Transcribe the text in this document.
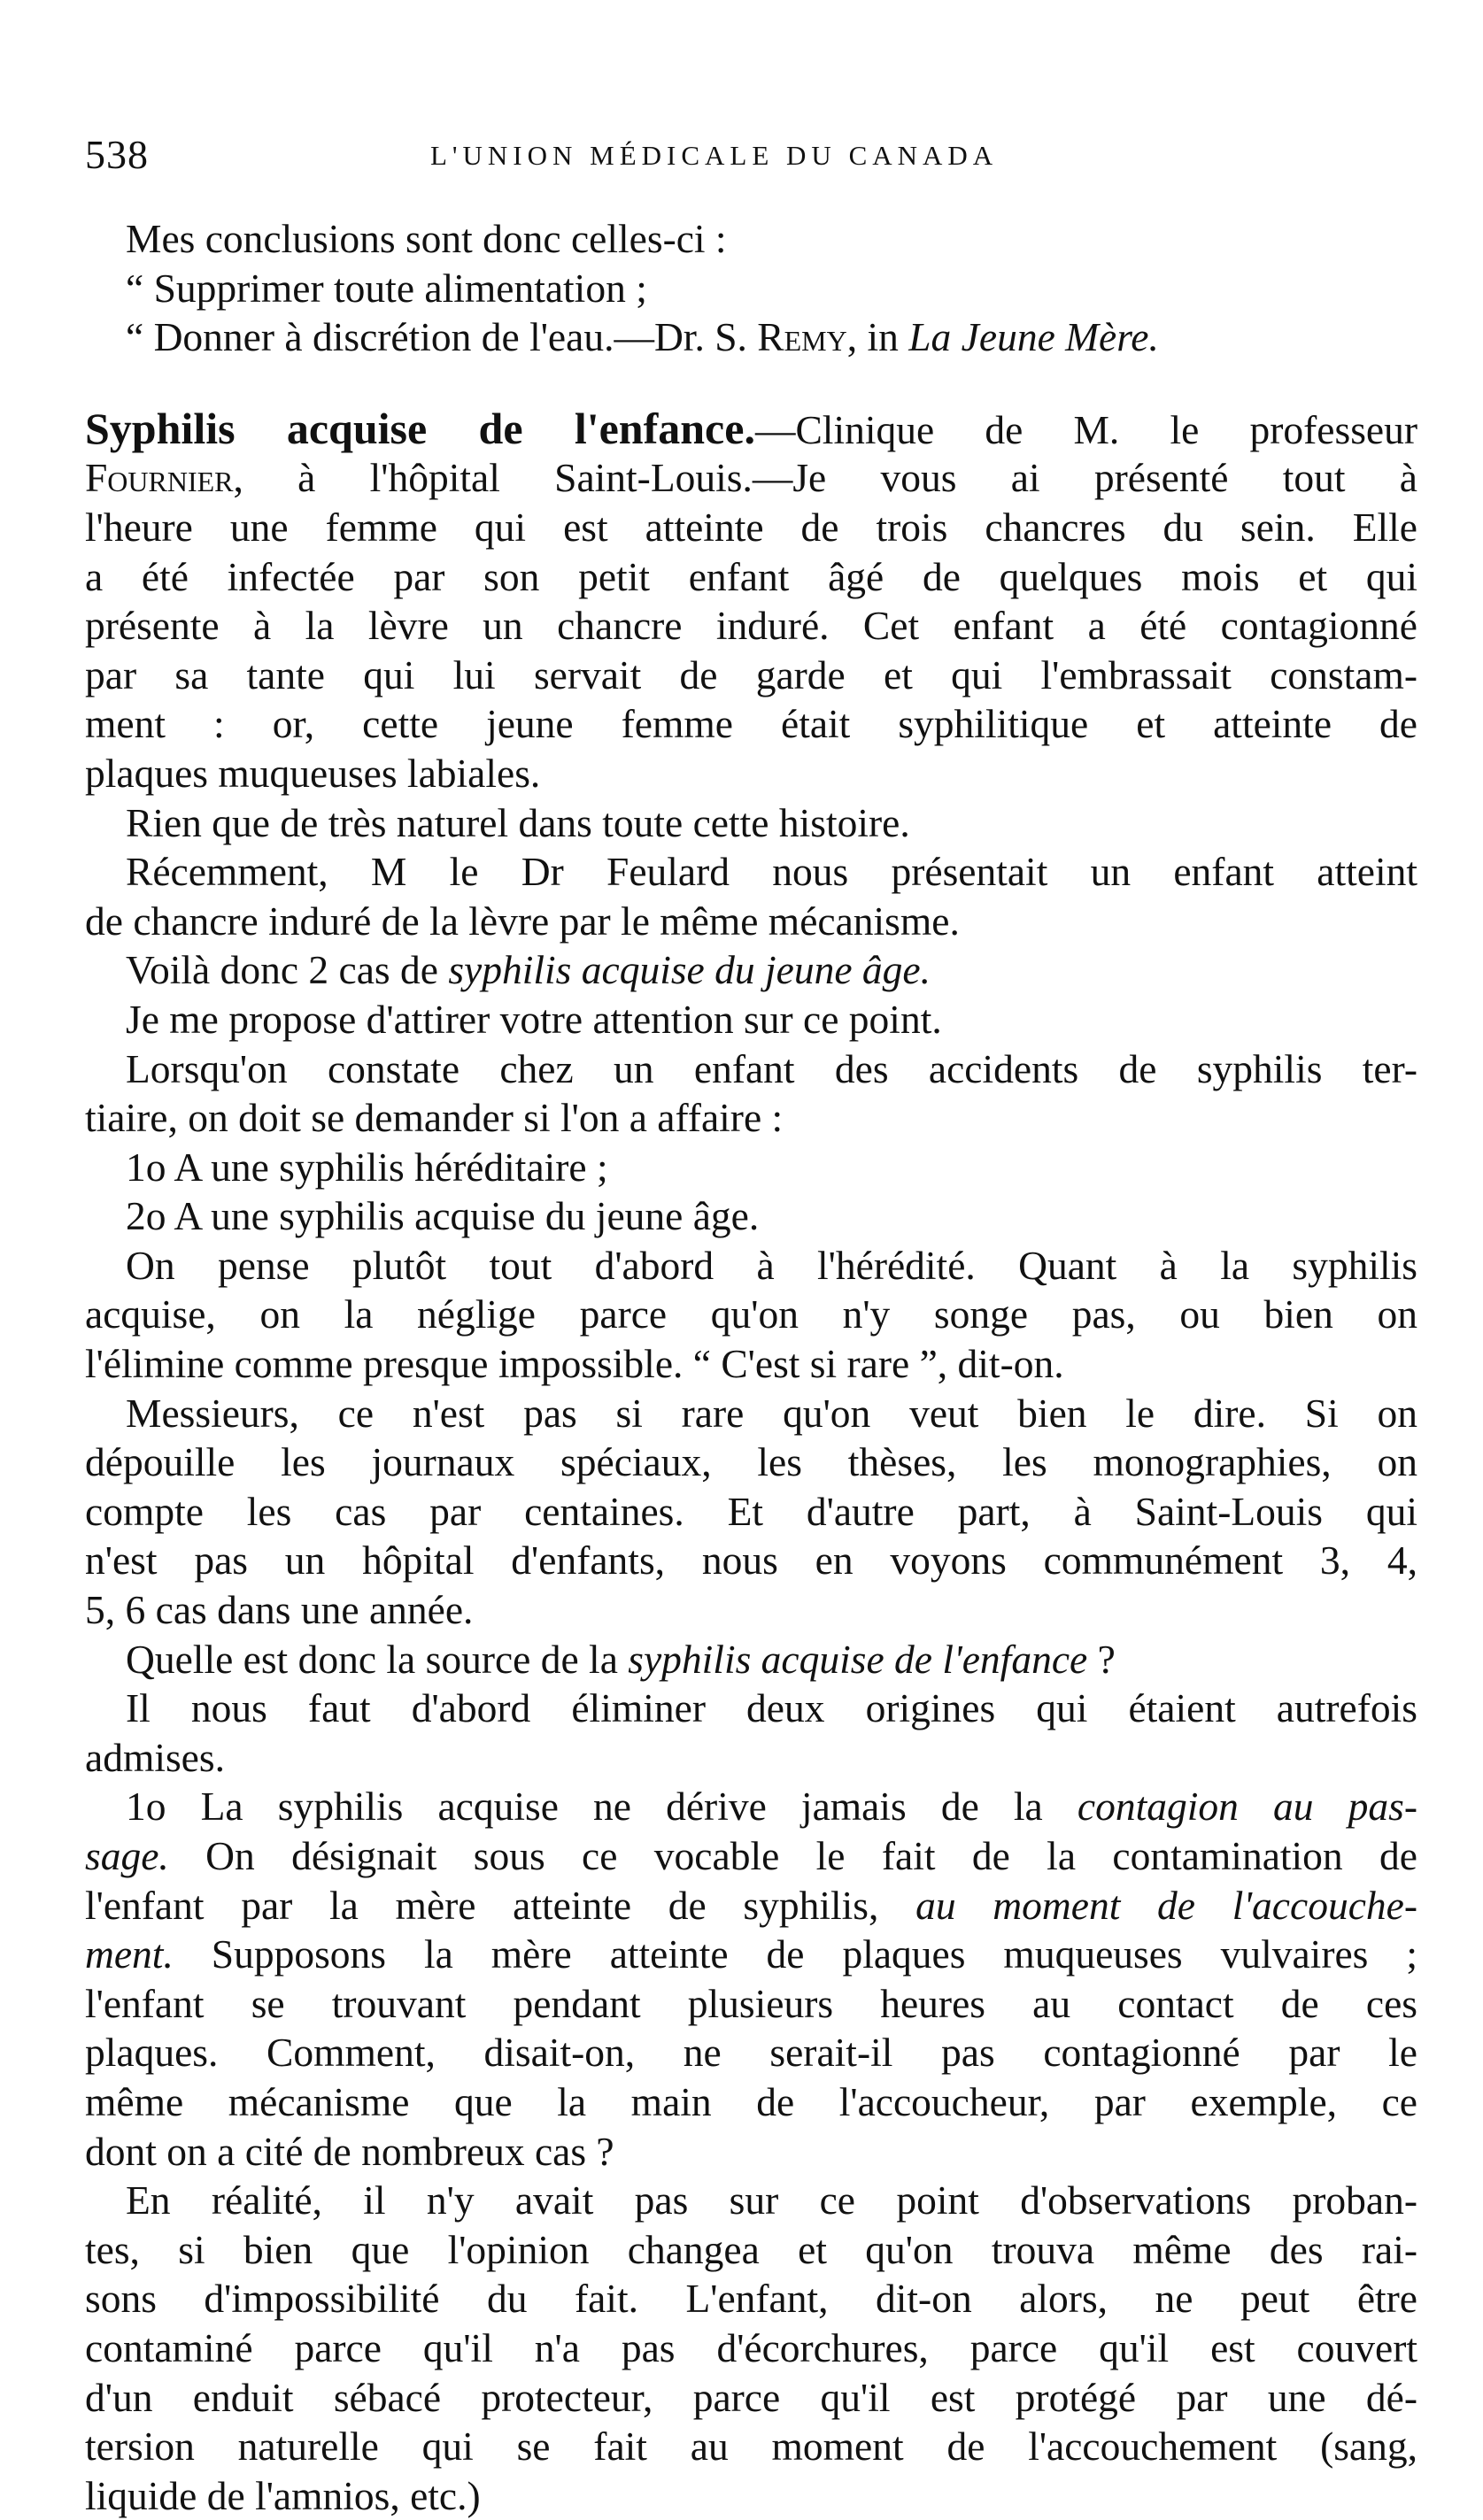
538	L'UNION MÉDICALE DU CANADA
Mes conclusions sont donc celles-ci :
“ Supprimer toute alimentation ;
“ Donner à discrétion de l'eau.—Dr. S. Remy, in La Jeune Mère.
Syphilis acquise de l'enfance.—Clinique de M. le professeur
Fournier, à l'hôpital Saint-Louis.—Je vous ai présenté tout à
l'heure une femme qui est atteinte de trois chancres du sein. Elle
a été infectée par son petit enfant âgé de quelques mois et qui
présente à la lèvre un chancre induré. Cet enfant a été contagionné
par sa tante qui lui servait de garde et qui l'embrassait constam-
ment : or, cette jeune femme était syphilitique et atteinte de
plaques muqueuses labiales.
Rien que de très naturel dans toute cette histoire.
Récemment, M le Dr Feulard nous présentait un enfant atteint
de chancre induré de la lèvre par le même mécanisme.
Voilà donc 2 cas de syphilis acquise du jeune âge.
Je me propose d'attirer votre attention sur ce point.
Lorsqu'on constate chez un enfant des accidents de syphilis ter-
tiaire, on doit se demander si l'on a affaire :
1o A une syphilis héréditaire ;
2o A une syphilis acquise du jeune âge.
On pense plutôt tout d'abord à l'hérédité. Quant à la syphilis
acquise, on la néglige parce qu'on n'y songe pas, ou bien on
l'élimine comme presque impossible. “ C'est si rare ”, dit-on.
Messieurs, ce n'est pas si rare qu'on veut bien le dire. Si on
dépouille les journaux spéciaux, les thèses, les monographies, on
compte les cas par centaines. Et d'autre part, à Saint-Louis qui
n'est pas un hôpital d'enfants, nous en voyons communément 3, 4,
5, 6 cas dans une année.
Quelle est donc la source de la syphilis acquise de l'enfance ?
Il nous faut d'abord éliminer deux origines qui étaient autrefois
admises.
1o La syphilis acquise ne dérive jamais de la contagion au pas-
sage. On désignait sous ce vocable le fait de la contamination de
l'enfant par la mère atteinte de syphilis, au moment de l'accouche-
ment. Supposons la mère atteinte de plaques muqueuses vulvaires ;
l'enfant se trouvant pendant plusieurs heures au contact de ces
plaques. Comment, disait-on, ne serait-il pas contagionné par le
même mécanisme que la main de l'accoucheur, par exemple, ce
dont on a cité de nombreux cas ?
En réalité, il n'y avait pas sur ce point d'observations proban-
tes, si bien que l'opinion changea et qu'on trouva même des rai-
sons d'impossibilité du fait. L'enfant, dit-on alors, ne peut être
contaminé parce qu'il n'a pas d'écorchures, parce qu'il est couvert
d'un enduit sébacé protecteur, parce qu'il est protégé par une dé-
tersion naturelle qui se fait au moment de l'accouchement (sang,
liquide de l'amnios, etc.)
